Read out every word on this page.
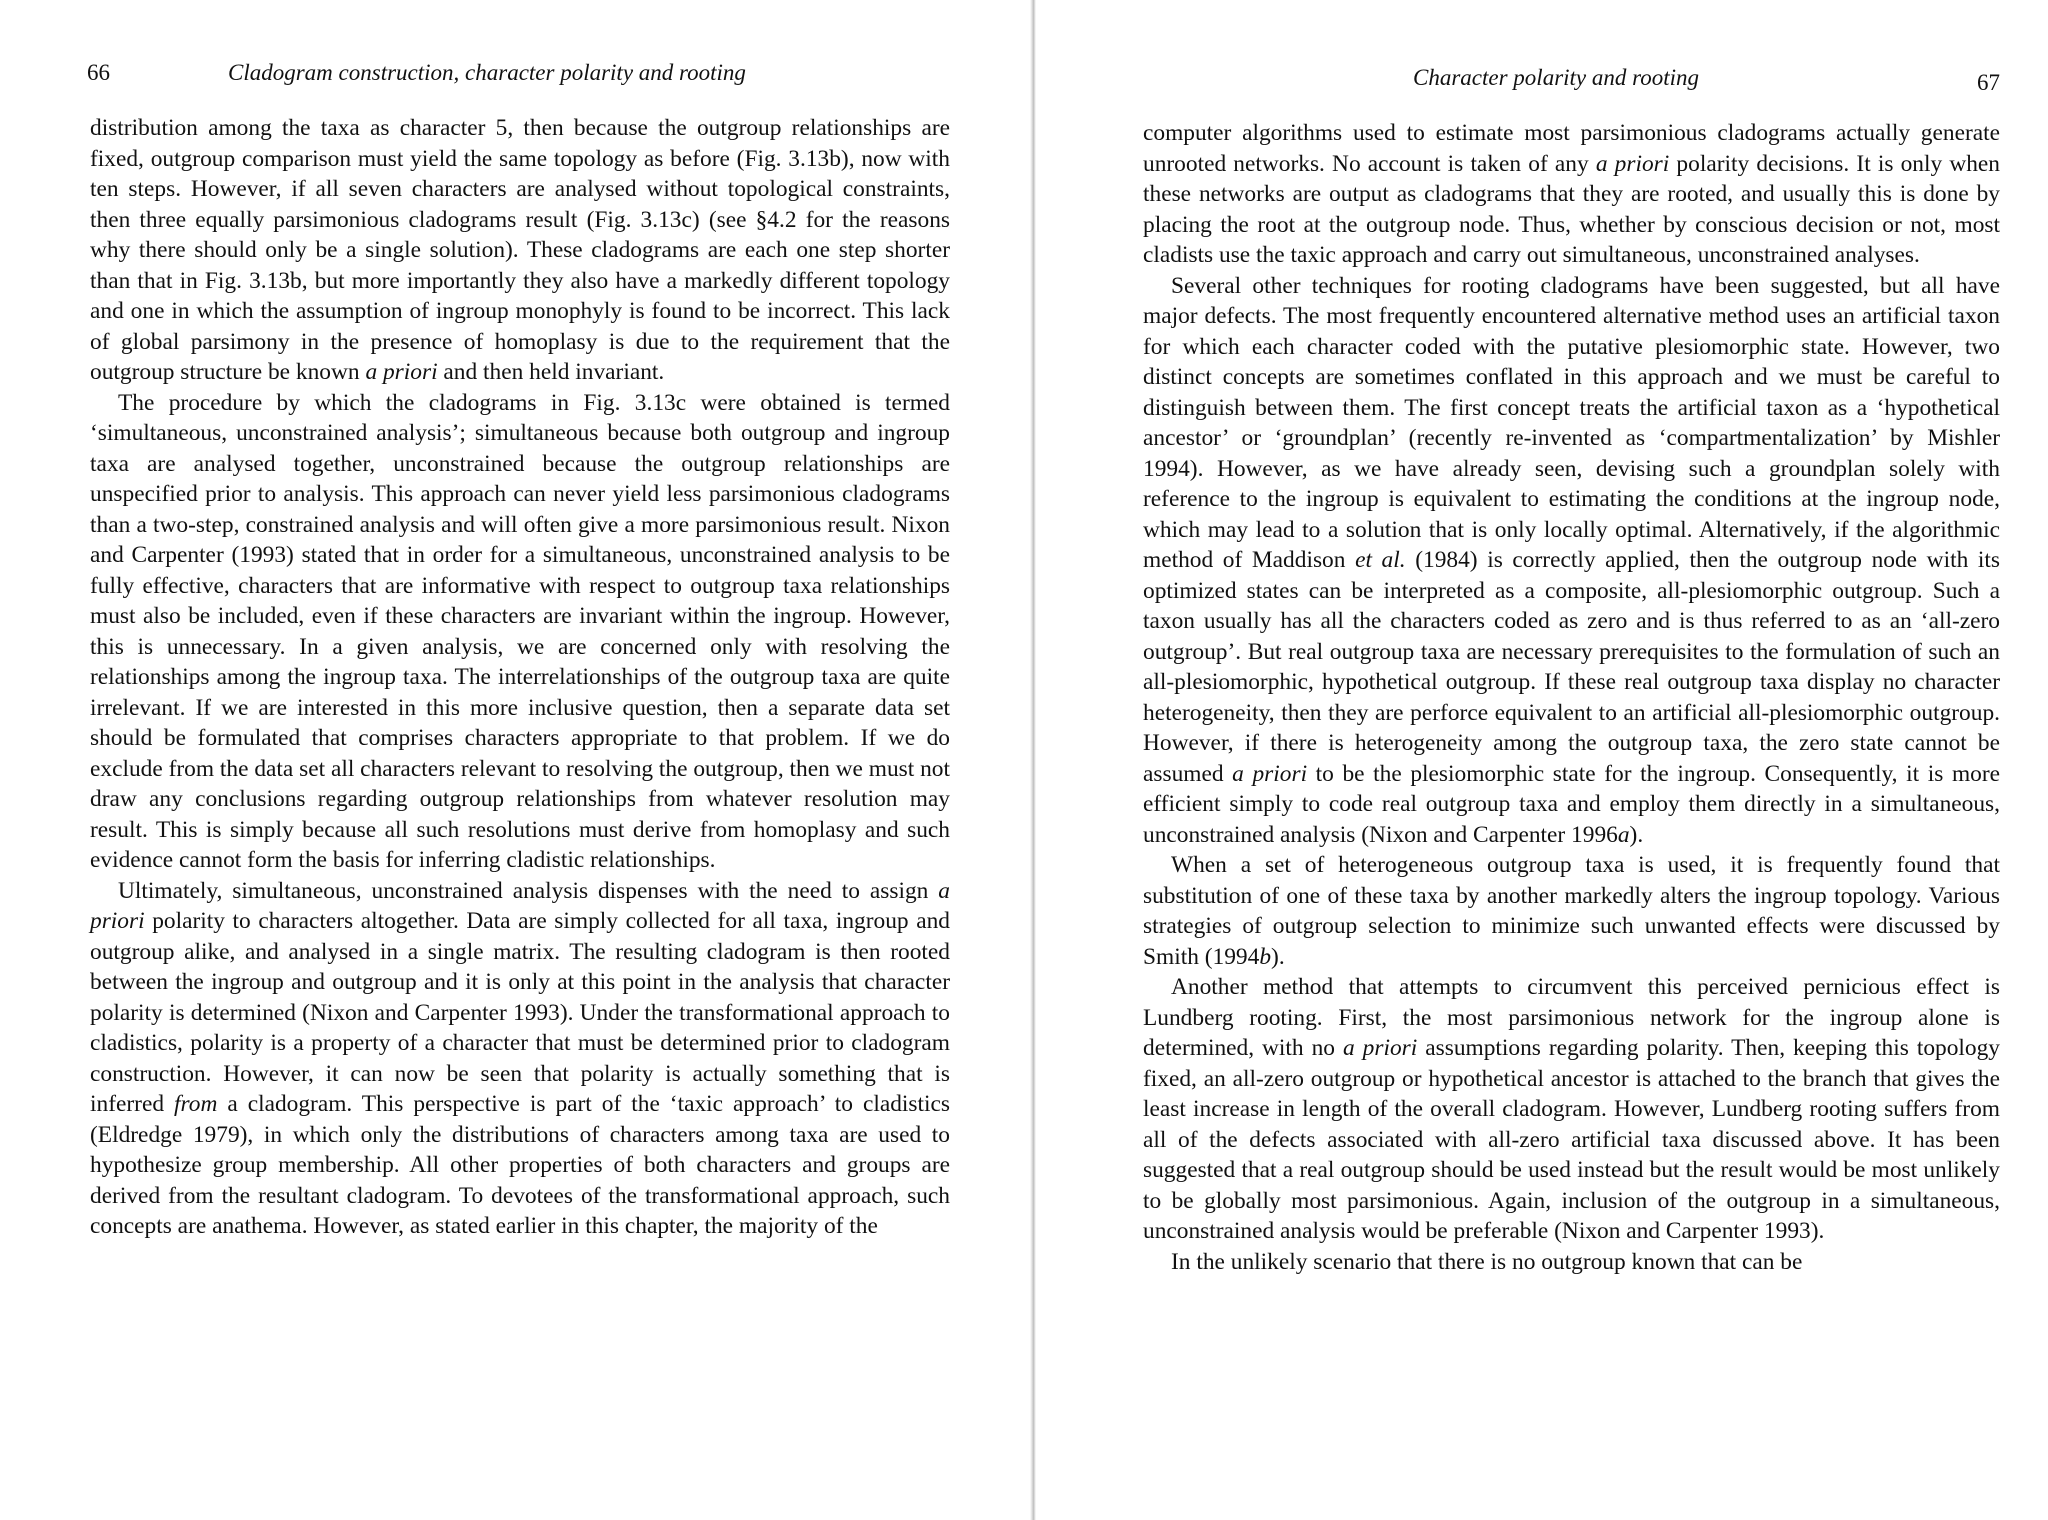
66	Cladogram construction, character polarity and rooting

distribution among the taxa as character 5, then because the outgroup relationships are fixed, outgroup comparison must yield the same topology as before (Fig. 3.13b), now with ten steps. However, if all seven characters are analysed without topological constraints, then three equally parsimonious cladograms result (Fig. 3.13c) (see §4.2 for the reasons why there should only be a single solution). These cladograms are each one step shorter than that in Fig. 3.13b, but more importantly they also have a markedly different topology and one in which the assumption of ingroup monophyly is found to be incorrect. This lack of global parsimony in the presence of homoplasy is due to the requirement that the outgroup structure be known a priori and then held invariant.

The procedure by which the cladograms in Fig. 3.13c were obtained is termed ‘simultaneous, unconstrained analysis’; simultaneous because both outgroup and ingroup taxa are analysed together, unconstrained because the outgroup relationships are unspecified prior to analysis. This approach can never yield less parsimonious cladograms than a two-step, constrained analysis and will often give a more parsimonious result. Nixon and Carpenter (1993) stated that in order for a simultaneous, unconstrained analysis to be fully effective, characters that are informative with respect to outgroup taxa relationships must also be included, even if these characters are invariant within the ingroup. However, this is unnecessary. In a given analysis, we are concerned only with resolving the relationships among the ingroup taxa. The interrelationships of the outgroup taxa are quite irrelevant. If we are interested in this more inclusive question, then a separate data set should be formulated that comprises characters appropriate to that problem. If we do exclude from the data set all characters relevant to resolving the outgroup, then we must not draw any conclusions regarding outgroup relationships from whatever resolution may result. This is simply because all such resolutions must derive from homoplasy and such evidence cannot form the basis for inferring cladistic relationships.

Ultimately, simultaneous, unconstrained analysis dispenses with the need to assign a priori polarity to characters altogether. Data are simply collected for all taxa, ingroup and outgroup alike, and analysed in a single matrix. The resulting cladogram is then rooted between the ingroup and outgroup and it is only at this point in the analysis that character polarity is determined (Nixon and Carpenter 1993). Under the transformational approach to cladistics, polarity is a property of a character that must be determined prior to cladogram construction. However, it can now be seen that polarity is actually something that is inferred from a cladogram. This perspective is part of the ‘taxic approach’ to cladistics (Eldredge 1979), in which only the distributions of characters among taxa are used to hypothesize group membership. All other properties of both characters and groups are derived from the resultant cladogram. To devotees of the transformational approach, such concepts are anathema. However, as stated earlier in this chapter, the majority of the

Character polarity and rooting	67

computer algorithms used to estimate most parsimonious cladograms actually generate unrooted networks. No account is taken of any a priori polarity decisions. It is only when these networks are output as cladograms that they are rooted, and usually this is done by placing the root at the outgroup node. Thus, whether by conscious decision or not, most cladists use the taxic approach and carry out simultaneous, unconstrained analyses.

Several other techniques for rooting cladograms have been suggested, but all have major defects. The most frequently encountered alternative method uses an artificial taxon for which each character coded with the putative plesiomorphic state. However, two distinct concepts are sometimes conflated in this approach and we must be careful to distinguish between them. The first concept treats the artificial taxon as a ‘hypothetical ancestor’ or ‘groundplan’ (recently re-invented as ‘compartmentalization’ by Mishler 1994). However, as we have already seen, devising such a groundplan solely with reference to the ingroup is equivalent to estimating the conditions at the ingroup node, which may lead to a solution that is only locally optimal. Alternatively, if the algorithmic method of Maddison et al. (1984) is correctly applied, then the outgroup node with its optimized states can be interpreted as a composite, all-plesiomorphic outgroup. Such a taxon usually has all the characters coded as zero and is thus referred to as an ‘all-zero outgroup’. But real outgroup taxa are necessary prerequisites to the formulation of such an all-plesiomorphic, hypothetical outgroup. If these real outgroup taxa display no character heterogeneity, then they are perforce equivalent to an artificial all-plesiomorphic outgroup. However, if there is heterogeneity among the outgroup taxa, the zero state cannot be assumed a priori to be the plesiomorphic state for the ingroup. Consequently, it is more efficient simply to code real outgroup taxa and employ them directly in a simultaneous, unconstrained analysis (Nixon and Carpenter 1996a).

When a set of heterogeneous outgroup taxa is used, it is frequently found that substitution of one of these taxa by another markedly alters the ingroup topology. Various strategies of outgroup selection to minimize such unwanted effects were discussed by Smith (1994b).

Another method that attempts to circumvent this perceived pernicious effect is Lundberg rooting. First, the most parsimonious network for the ingroup alone is determined, with no a priori assumptions regarding polarity. Then, keeping this topology fixed, an all-zero outgroup or hypothetical ancestor is attached to the branch that gives the least increase in length of the overall cladogram. However, Lundberg rooting suffers from all of the defects associated with all-zero artificial taxa discussed above. It has been suggested that a real outgroup should be used instead but the result would be most unlikely to be globally most parsimonious. Again, inclusion of the outgroup in a simultaneous, unconstrained analysis would be preferable (Nixon and Carpenter 1993).

In the unlikely scenario that there is no outgroup known that can be
